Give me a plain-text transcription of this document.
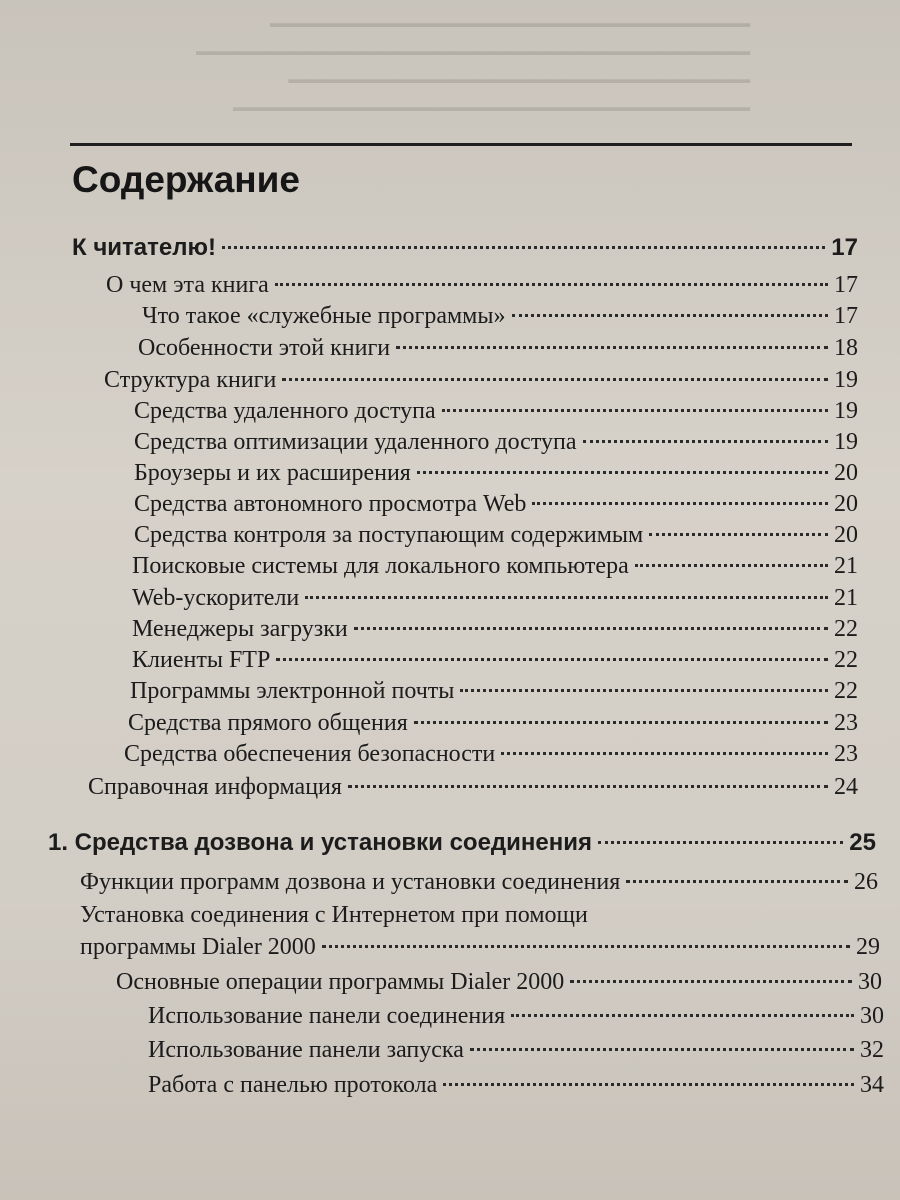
▁▁▁▁▁▁▁▁▁▁▁▁▁▁▁▁▁▁▁▁▁▁▁▁▁▁
▁▁▁▁▁▁▁▁▁▁▁▁▁▁▁▁▁▁▁▁▁▁▁▁▁▁▁▁▁▁
▁▁▁▁▁▁▁▁▁▁▁▁▁▁▁▁▁▁▁▁▁▁▁▁▁
▁▁▁▁▁▁▁▁▁▁▁▁▁▁▁▁▁▁▁▁▁▁▁▁▁▁▁▁
Содержание
К читателю!	17
О чем эта книга	17
Что такое «служебные программы»	17
Особенности этой книги	18
Структура книги	19
Средства удаленного доступа	19
Средства оптимизации удаленного доступа	19
Броузеры и их расширения	20
Средства автономного просмотра Web	20
Средства контроля за поступающим содержимым	20
Поисковые системы для локального компьютера	21
Web-ускорители	21
Менеджеры загрузки	22
Клиенты FTP	22
Программы электронной почты	22
Средства прямого общения	23
Средства обеспечения безопасности	23
Справочная информация	24
1. Средства дозвона и установки соединения	25
Функции программ дозвона и установки соединения	26
Установка соединения с Интернетом при помощи
программы Dialer 2000	29
Основные операции программы Dialer 2000	30
Использование панели соединения	30
Использование панели запуска	32
Работа с панелью протокола	34
